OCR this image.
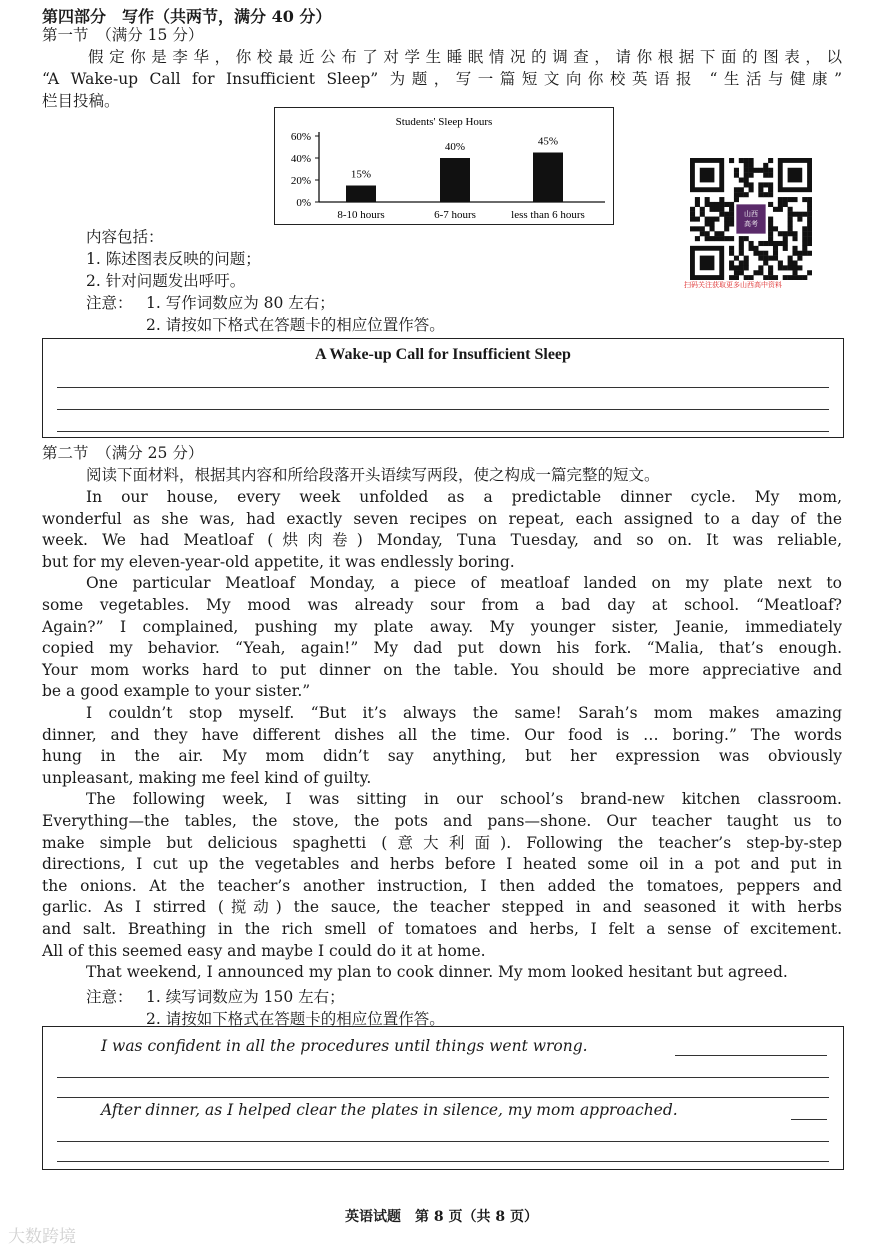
第四部分　写作（共两节，满分 40 分）
第一节　（满分 15 分）
假定你是李华，你校最近公布了对学生睡眠情况的调查，请你根据下面的图表，以
“A Wake-up Call for Insufficient Sleep” 为题，写一篇短文向你校英语报 “生活与健康”
栏目投稿。
Students' Sleep Hours
0%
20%
40%
60%
15%
8-10 hours
40%
6-7 hours
45%
less than 6 hours	山西
高考
扫码关注获取更多山西高中资料
内容包括：
1. 陈述图表反映的问题；
2. 针对问题发出呼吁。
注意： 1. 写作词数应为 80 左右；
2. 请按如下格式在答题卡的相应位置作答。
A Wake-up Call for Insufficient Sleep
第二节　（满分 25 分）
阅读下面材料，根据其内容和所给段落开头语续写两段，使之构成一篇完整的短文。
In our house, every week unfolded as a predictable dinner cycle. My mom,
wonderful as she was, had exactly seven recipes on repeat, each assigned to a day of the
week. We had Meatloaf (烘肉卷) Monday, Tuna Tuesday, and so on. It was reliable,
but for my eleven-year-old appetite, it was endlessly boring.
One particular Meatloaf Monday, a piece of meatloaf landed on my plate next to
some vegetables. My mood was already sour from a bad day at school. “Meatloaf?
Again?” I complained, pushing my plate away. My younger sister, Jeanie, immediately
copied my behavior. “Yeah, again!” My dad put down his fork. “Malia, that’s enough.
Your mom works hard to put dinner on the table. You should be more appreciative and
be a good example to your sister.”
I couldn’t stop myself. “But it’s always the same! Sarah’s mom makes amazing
dinner, and they have different dishes all the time. Our food is … boring.” The words
hung in the air. My mom didn’t say anything, but her expression was obviously
unpleasant, making me feel kind of guilty.
The following week, I was sitting in our school’s brand-new kitchen classroom.
Everything—the tables, the stove, the pots and pans—shone. Our teacher taught us to
make simple but delicious spaghetti (意大利面). Following the teacher’s step-by-step
directions, I cut up the vegetables and herbs before I heated some oil in a pot and put in
the onions. At the teacher’s another instruction, I then added the tomatoes, peppers and
garlic. As I stirred (搅动) the sauce, the teacher stepped in and seasoned it with herbs
and salt. Breathing in the rich smell of tomatoes and herbs, I felt a sense of excitement.
All of this seemed easy and maybe I could do it at home.
That weekend, I announced my plan to cook dinner. My mom looked hesitant but agreed.
注意： 1. 续写词数应为 150 左右；
2. 请按如下格式在答题卡的相应位置作答。
I was confident in all the procedures until things went wrong.
After dinner, as I helped clear the plates in silence, my mom approached.
英语试题　第 8 页（共 8 页）
大数跨境
